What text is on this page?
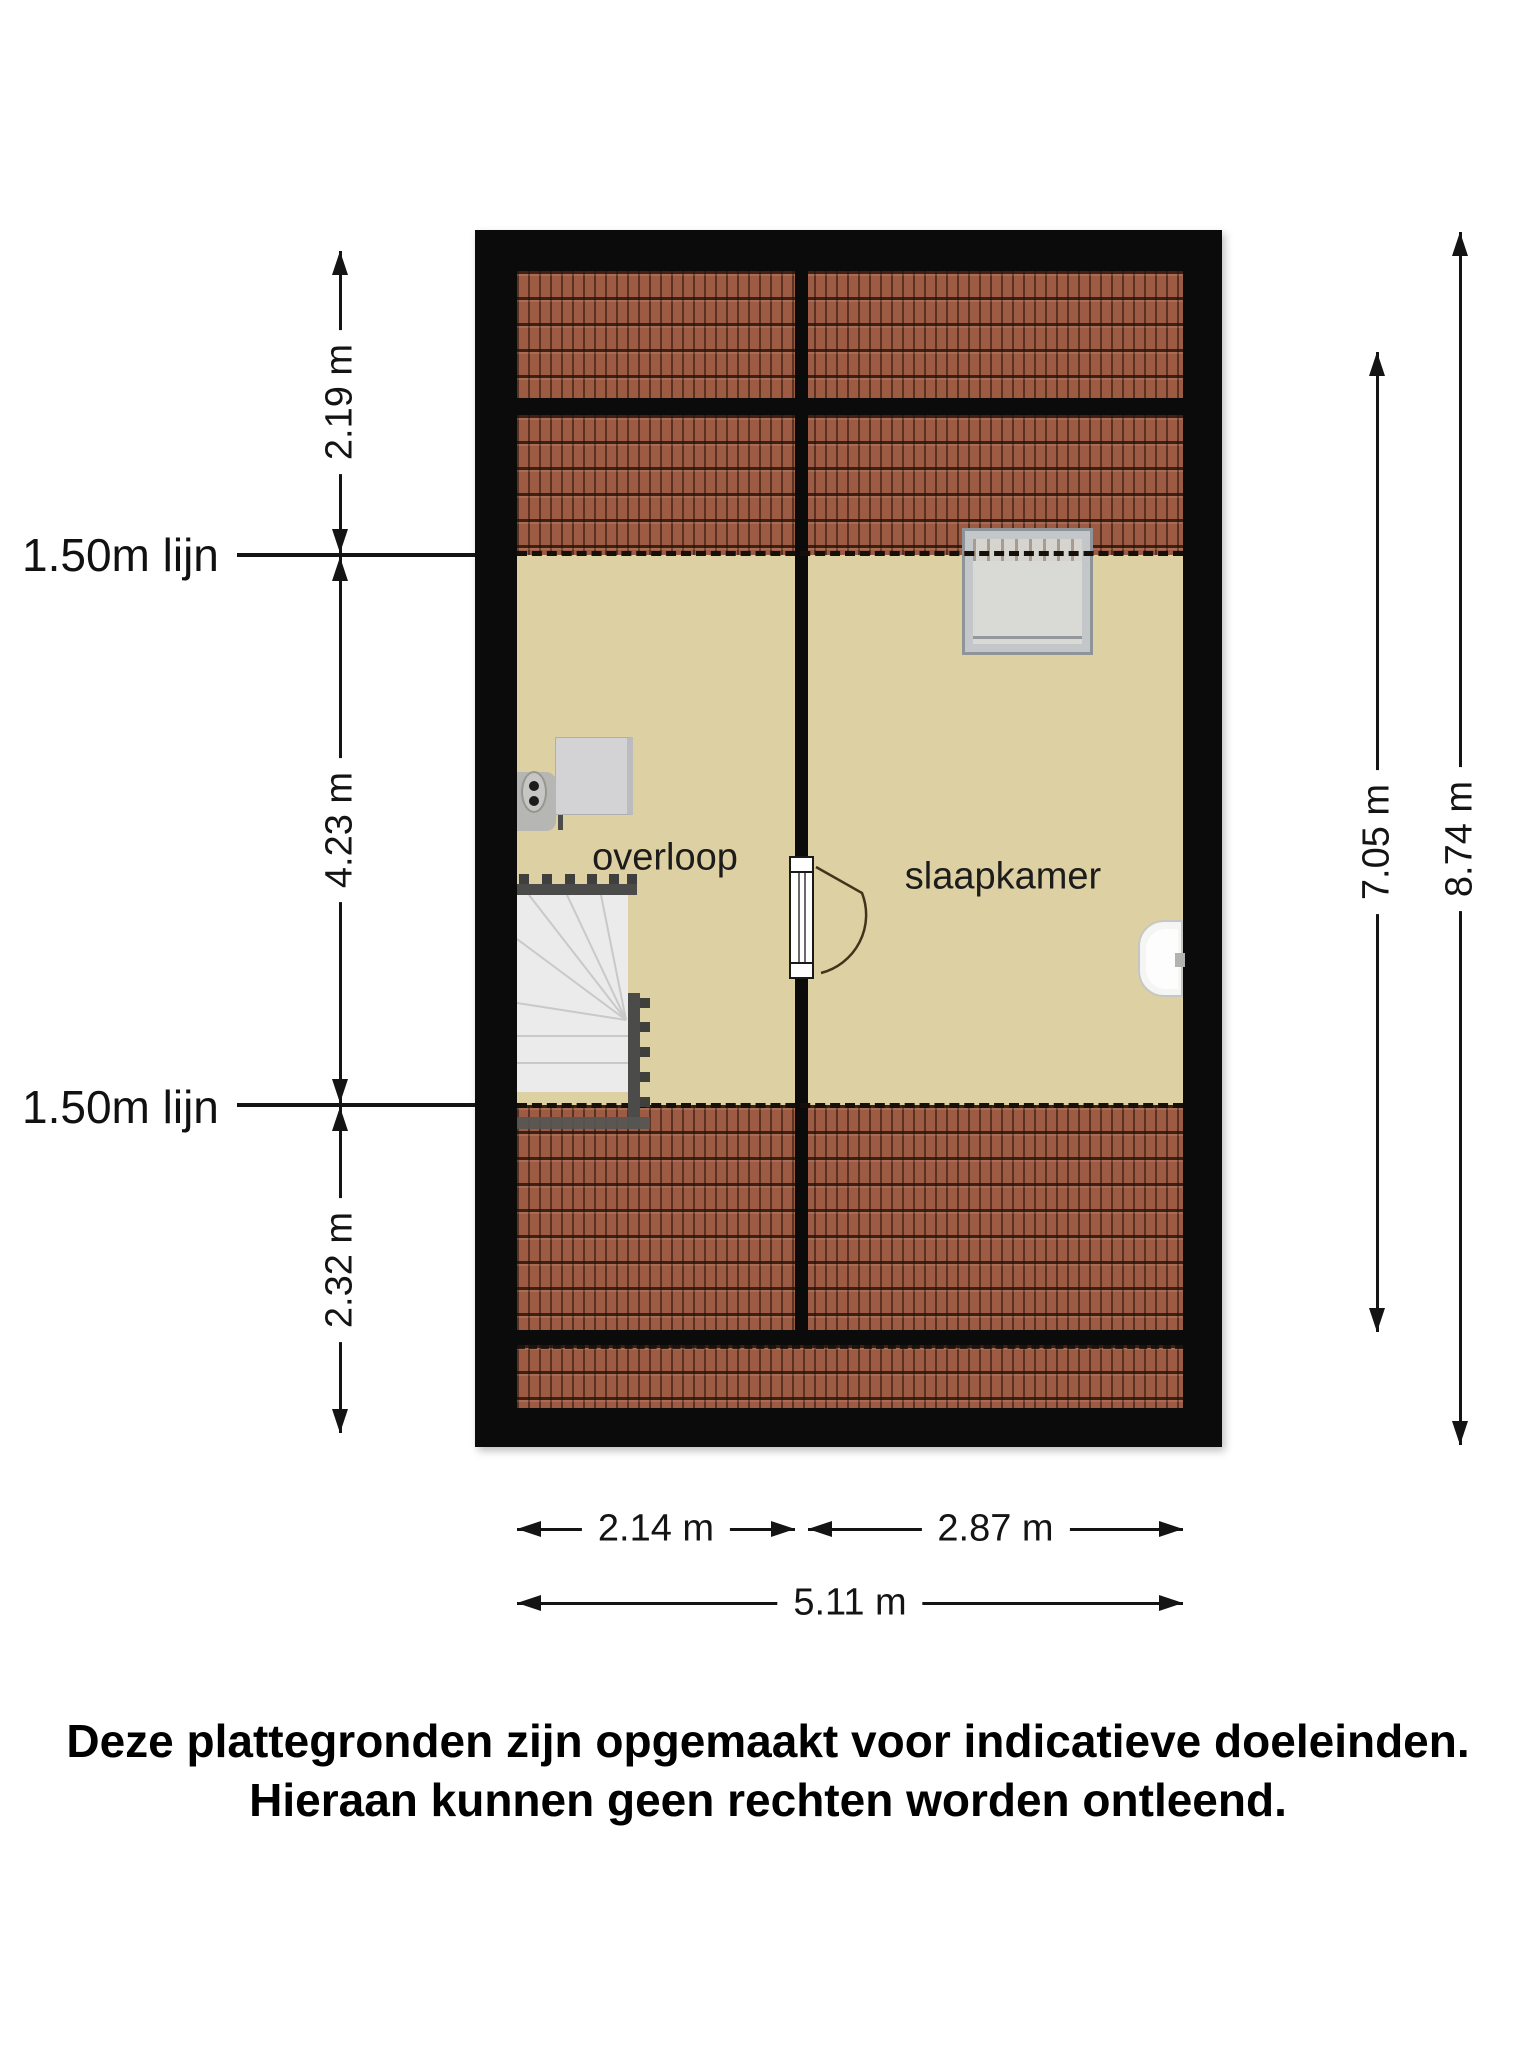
overloop	slaapkamer
1.50m lijn
1.50m lijn
2.19 m
4.23 m
2.32 m
7.05 m 8.74 m
2.14 m	2.87 m
5.11 m
Deze plattegronden zijn opgemaakt voor indicatieve doeleinden.
Hieraan kunnen geen rechten worden ontleend.
